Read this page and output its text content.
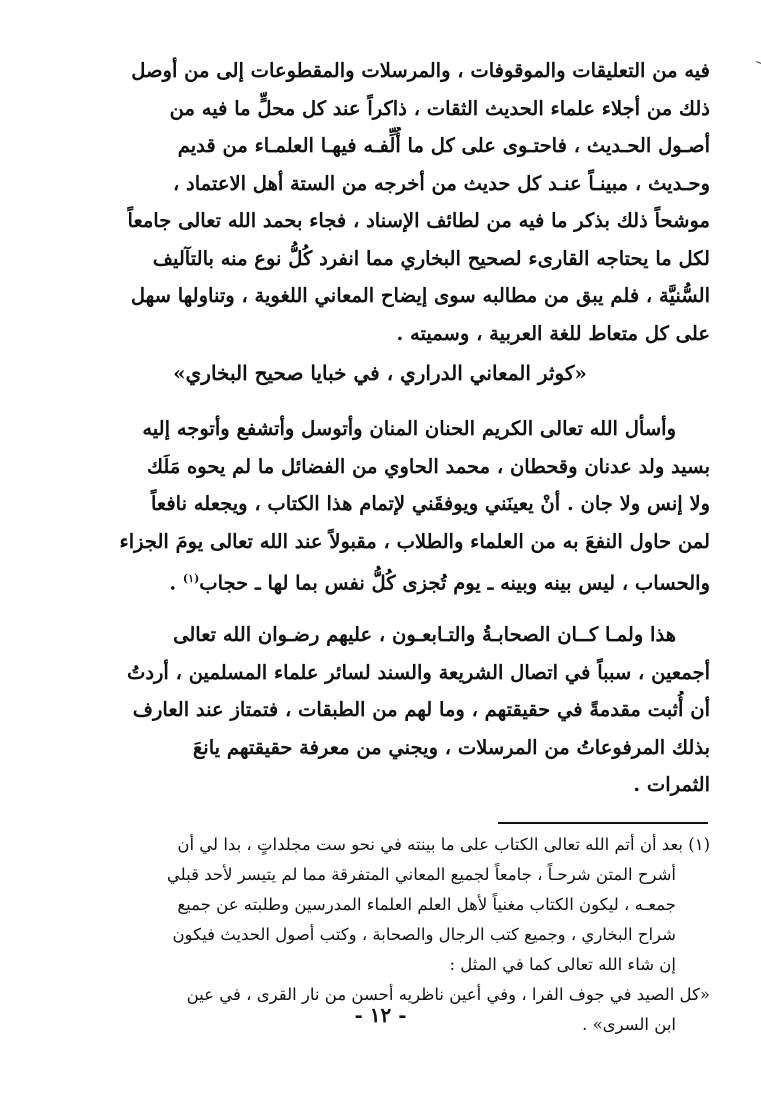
فيه من التعليقات والموقوفات ، والمرسلات والمقطوعات إلى من أوصل
ذلك من أجلاء علماء الحديث الثقات ، ذاكراً عند كل محلٍّ ما فيه من
أصـول الحـديث ، فاحتـوى على كل ما أُلِّفـه فيهـا العلمـاء من قديم
وحـديث ، مبينـاً عنـد كل حديث من أخرجه من الستة أهل الاعتماد ،
موشحاً ذلك بذكر ما فيه من لطائف الإسناد ، فجاء بحمد الله تعالى جامعاً
لكل ما يحتاجه القارىء لصحيح البخاري مما انفرد كُلُّ نوع منه بالتآليف
السُّنيَّة ، فلم يبق من مطالبه سوى إيضاح المعاني اللغوية ، وتناولها سهل
على كل متعاط للغة العربية ، وسميته .

«كوثر المعاني الدراري ، في خبايا صحيح البخاري»

وأسأل الله تعالى الكريم الحنان المنان وأتوسل وأتشفع وأتوجه إليه
بسيد ولد عدنان وقحطان ، محمد الحاوي من الفضائل ما لم يحوه مَلَك
ولا إنس ولا جان . أنْ يعينَني ويوفقَني لإتمام هذا الكتاب ، ويجعله نافعاً
لمن حاول النفعَ به من العلماء والطلاب ، مقبولاً عند الله تعالى يومَ الجزاء
والحساب ، ليس بينه وبينه ـ يوم تُجزى كُلُّ نفس بما لها ـ حجاب$^{(١)}$ .

هذا ولمـا كــان الصحابـةُ والتـابعـون ، عليهم رضـوان الله تعالى
أجمعين ، سبباً في اتصال الشريعة والسند لسائر علماء المسلمين ، أردتُ
أن أُثبت مقدمةً في حقيقتهم ، وما لهم من الطبقات ، فتمتاز عند العارف
بذلك المرفوعاتُ من المرسلات ، ويجني من معرفة حقيقتهم يانعَ
الثمرات .

(١) بعد أن أتم الله تعالى الكتاب على ما بينته في نحو ست مجلداتٍ ، بدا لي أن
أشرح المتن شرحـاً ، جامعاً لجميع المعاني المتفرقة مما لم يتيسر لأحد قبلي
جمعـه ، ليكون الكتاب مغنياً لأهل العلم العلماء المدرسين وطلبته عن جميع
شراح البخاري ، وجميع كتب الرجال والصحابة ، وكتب أصول الحديث فيكون
إن شاء الله تعالى كما في المثل :
«كل الصيد في جوف الفرا ، وفي أعين ناظريه أحسن من نار القرى ، في عين
ابن السرى» .

- ١٢ -
